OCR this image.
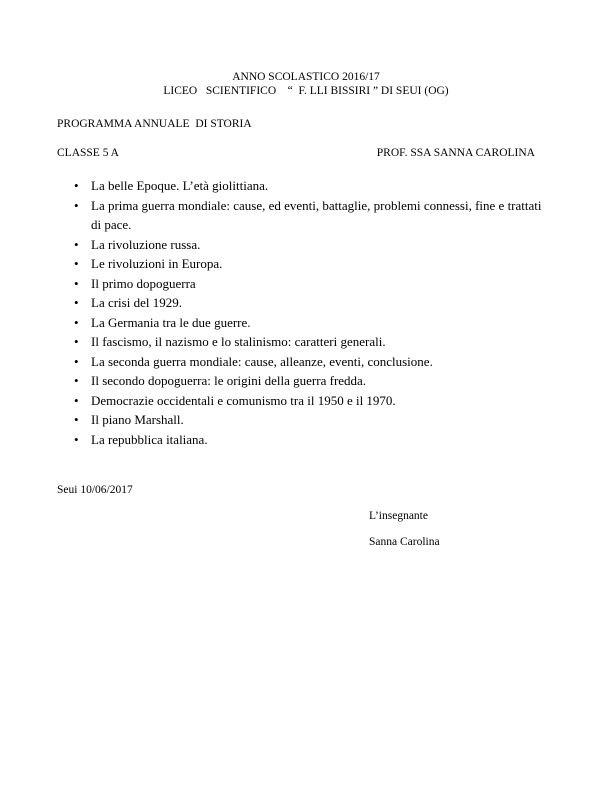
ANNO SCOLASTICO 2016/17
LICEO   SCIENTIFICO    “  F. LLI BISSIRI ” DI SEUI (OG)
PROGRAMMA ANNUALE  DI STORIA
CLASSE 5 A	PROF. SSA SANNA CAROLINA
• La belle Epoque. L’età giolittiana.
• La prima guerra mondiale: cause, ed eventi, battaglie, problemi connessi, fine e trattati di pace.
• La rivoluzione russa.
• Le rivoluzioni in Europa.
• Il primo dopoguerra
• La crisi del 1929.
• La Germania tra le due guerre.
• Il fascismo, il nazismo e lo stalinismo: caratteri generali.
• La seconda guerra mondiale: cause, alleanze, eventi, conclusione.
• Il secondo dopoguerra: le origini della guerra fredda.
• Democrazie occidentali e comunismo tra il 1950 e il 1970.
• Il piano Marshall.
• La repubblica italiana.
Seui 10/06/2017
L’insegnante
Sanna Carolina
